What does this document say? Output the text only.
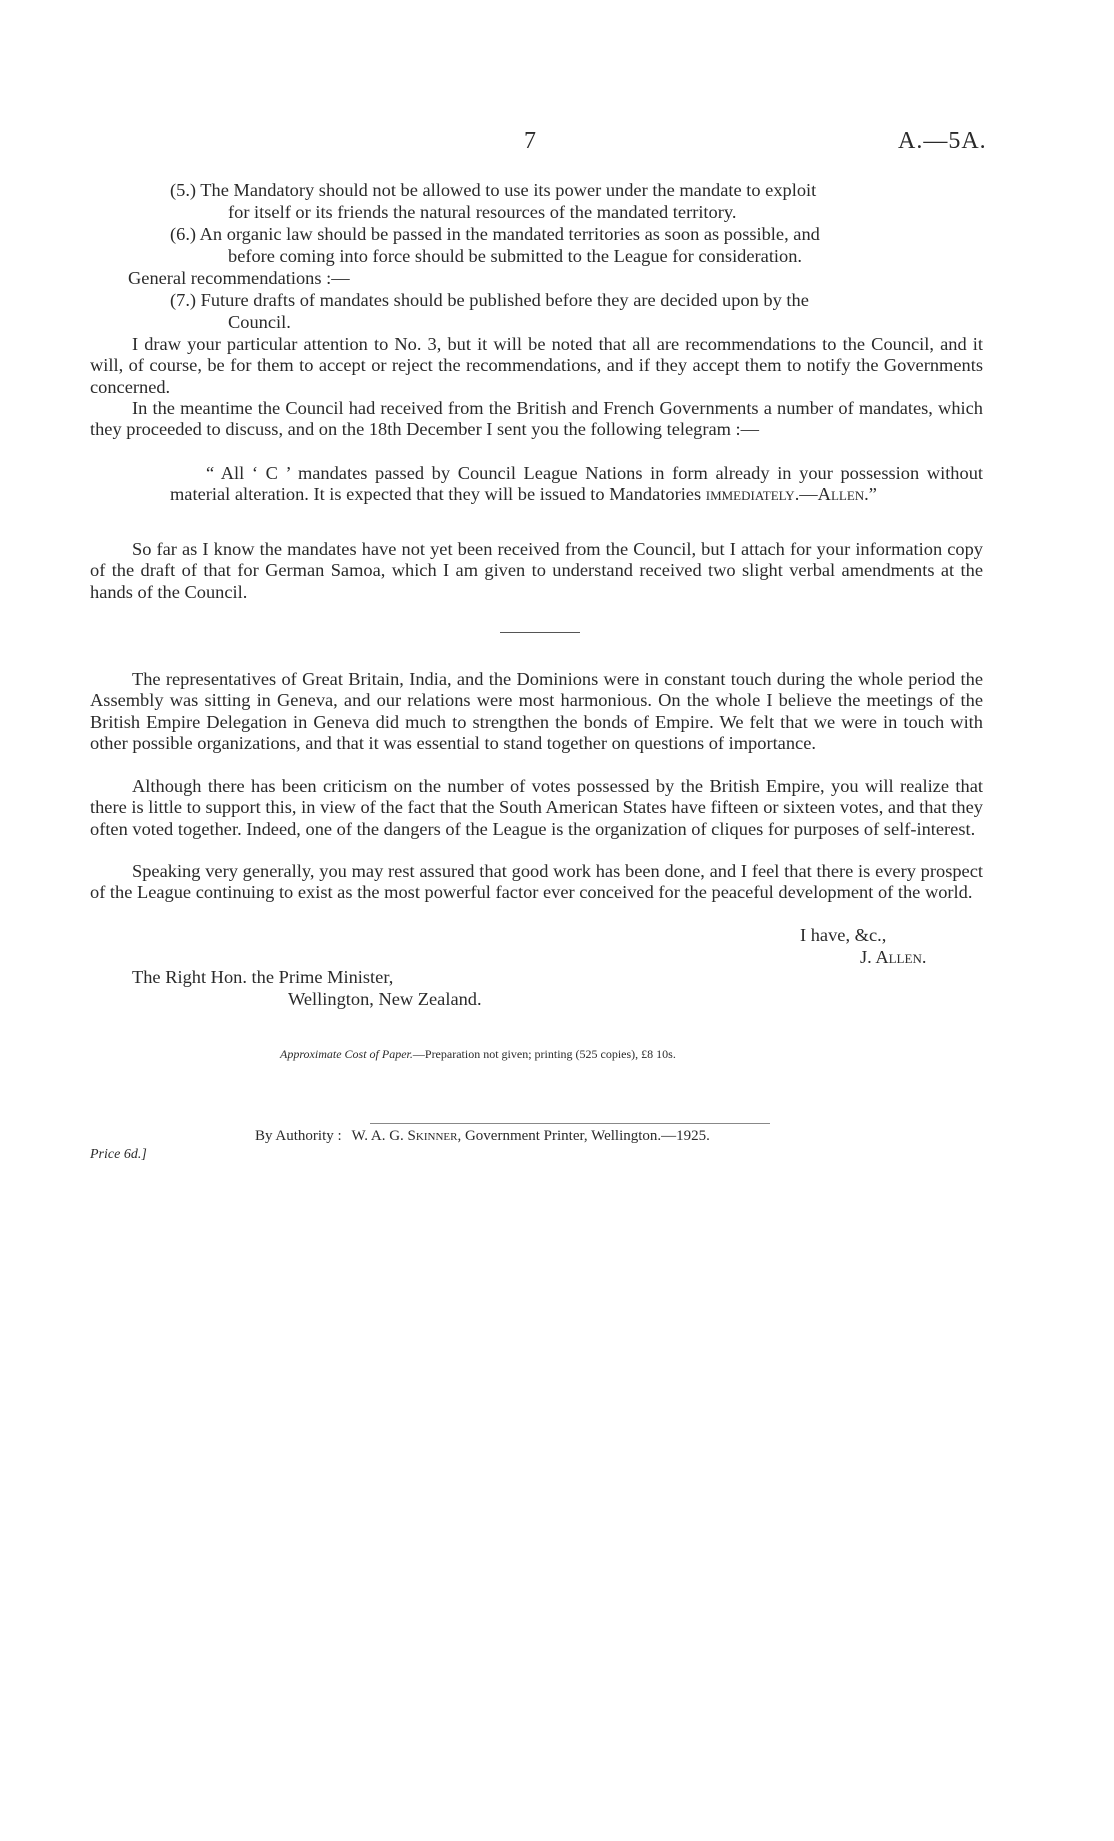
7	A.—5A.
(5.) The Mandatory should not be allowed to use its power under the mandate to exploit
for itself or its friends the natural resources of the mandated territory.
(6.) An organic law should be passed in the mandated territories as soon as possible, and
before coming into force should be submitted to the League for consideration.
General recommendations :—
(7.) Future drafts of mandates should be published before they are decided upon by the
Council.
I draw your particular attention to No. 3, but it will be noted that all are recommendations to the Council, and it will, of course, be for them to accept or reject the recommendations, and if they accept them to notify the Governments concerned.
In the meantime the Council had received from the British and French Governments a number of mandates, which they proceeded to discuss, and on the 18th December I sent you the following telegram :—
“ All ‘ C ’ mandates passed by Council League Nations in form already in your possession without material alteration. It is expected that they will be issued to Mandatories immediately.—Allen.”
So far as I know the mandates have not yet been received from the Council, but I attach for your information copy of the draft of that for German Samoa, which I am given to understand received two slight verbal amendments at the hands of the Council.
The representatives of Great Britain, India, and the Dominions were in constant touch during the whole period the Assembly was sitting in Geneva, and our relations were most harmonious. On the whole I believe the meetings of the British Empire Delegation in Geneva did much to strengthen the bonds of Empire. We felt that we were in touch with other possible organizations, and that it was essential to stand together on questions of importance.
Although there has been criticism on the number of votes possessed by the British Empire, you will realize that there is little to support this, in view of the fact that the South American States have fifteen or sixteen votes, and that they often voted together. Indeed, one of the dangers of the League is the organization of cliques for purposes of self-interest.
Speaking very generally, you may rest assured that good work has been done, and I feel that there is every prospect of the League continuing to exist as the most powerful factor ever conceived for the peaceful development of the world.
I have, &c.,
J. Allen.
The Right Hon. the Prime Minister,
Wellington, New Zealand.
Approximate Cost of Paper.—Preparation not given; printing (525 copies), £8 10s.
By Authority : W. A. G. Skinner, Government Printer, Wellington.—1925.
Price 6d.]
